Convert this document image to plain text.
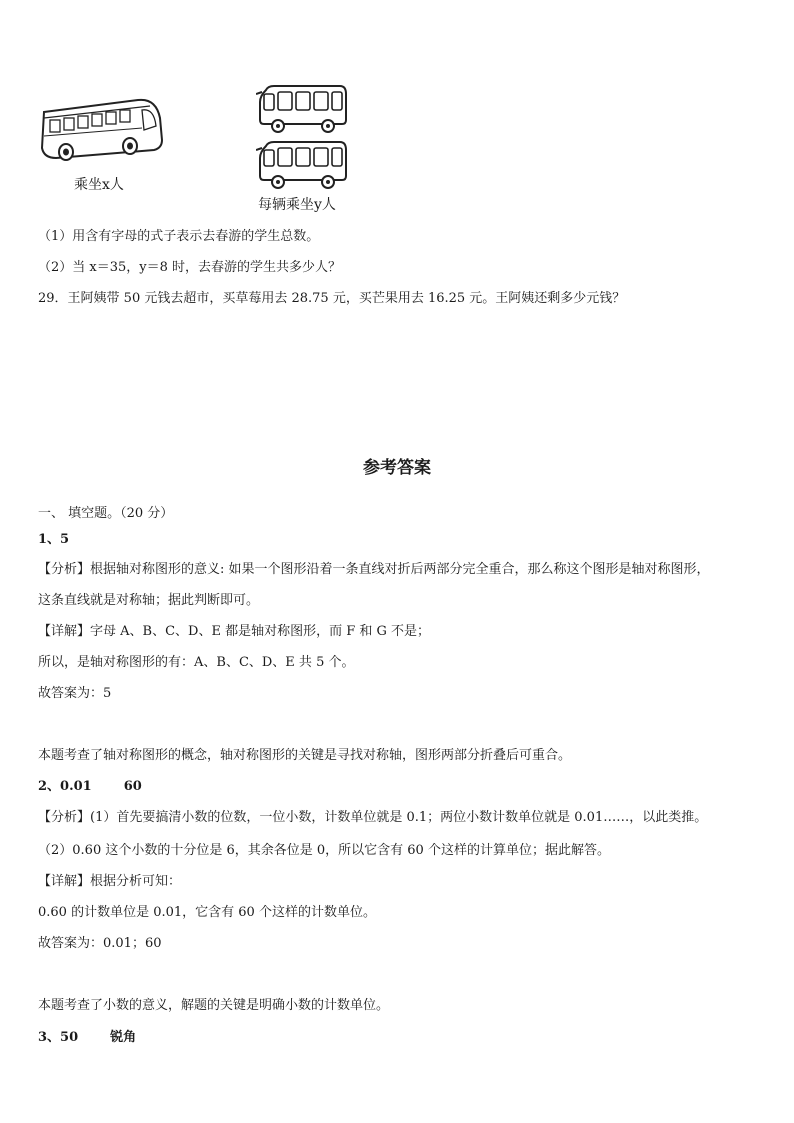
乘坐x人
每辆乘坐y人
（1）用含有字母的式子表示去春游的学生总数。
（2）当 x＝35，y＝8 时，去春游的学生共多少人？
29．王阿姨带 50 元钱去超市，买草莓用去 28.75 元，买芒果用去 16.25 元。王阿姨还剩多少元钱？
参考答案
一、 填空题。（20 分）
1、5
【分析】根据轴对称图形的意义: 如果一个图形沿着一条直线对折后两部分完全重合，那么称这个图形是轴对称图形，
这条直线就是对称轴；据此判断即可。
【详解】字母 A、B、C、D、E 都是轴对称图形，而 F 和 G 不是；
所以，是轴对称图形的有：A、B、C、D、E 共 5 个。
故答案为：5
本题考查了轴对称图形的概念，轴对称图形的关键是寻找对称轴，图形两部分折叠后可重合。
2、0.01 60
【分析】(1）首先要搞清小数的位数，一位小数，计数单位就是 0.1；两位小数计数单位就是 0.01……，以此类推。
（2）0.60 这个小数的十分位是 6，其余各位是 0，所以它含有 60 个这样的计算单位；据此解答。
【详解】根据分析可知：
0.60 的计数单位是 0.01，它含有 60 个这样的计数单位。
故答案为：0.01；60
本题考查了小数的意义，解题的关键是明确小数的计数单位。
3、50 锐角
